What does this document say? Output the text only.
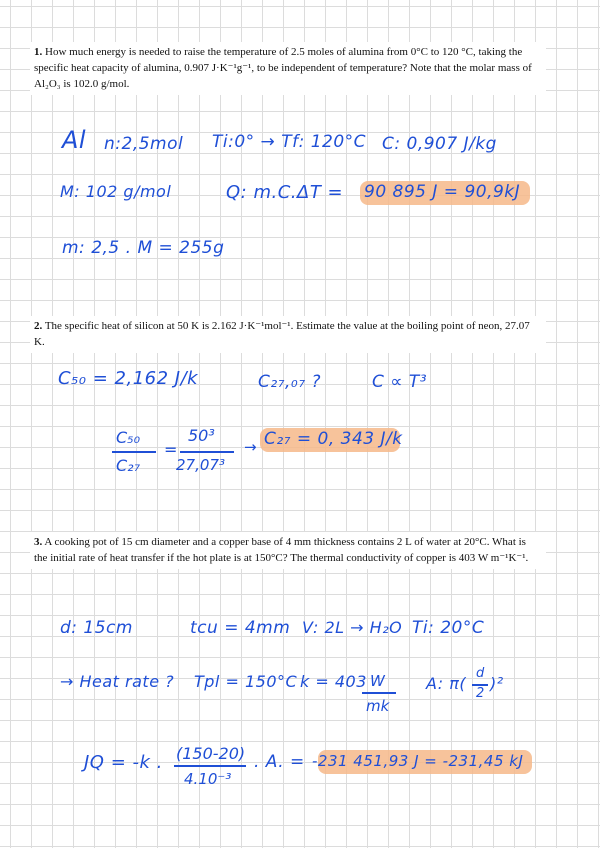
1. How much energy is needed to raise the temperature of 2.5 moles of alumina from 0°C to 120 °C, taking the specific heat capacity of alumina, 0.907 J·K⁻¹g⁻¹, to be independent of temperature? Note that the molar mass of Al₂O₃ is 102.0 g/mol.
Al n:2,5mol Ti:0° → Tf: 120°C C: 0,907 J/kg
M: 102 g/mol	Q: m.C.ΔT = 90 895 J = 90,9kJ
m: 2,5 . M = 255g
2. The specific heat of silicon at 50 K is 2.162 J·K⁻¹mol⁻¹. Estimate the value at the boiling point of neon, 27.07 K.
C₅₀ = 2,162 J/k	C₂₇,₀₇ ?	C ∝ T³
C₅₀
C₂₇
=
50³
27,07³
→ C₂₇ = 0, 343 J/k
3. A cooking pot of 15 cm diameter and a copper base of 4 mm thickness contains 2 L of water at 20°C. What is the initial rate of heat transfer if the hot plate is at 150°C? The thermal conductivity of copper is 403 W m⁻¹K⁻¹.
d: 15cm	tcu = 4mm V: 2L → H₂O Ti: 20°C
→ Heat rate ? Tpl = 150°C k = 403 W
mk
A: π(
d
2
)²
JQ = -k . (150-20)
4.10⁻³
. A. = -231 451,93 J = -231,45 kJ
